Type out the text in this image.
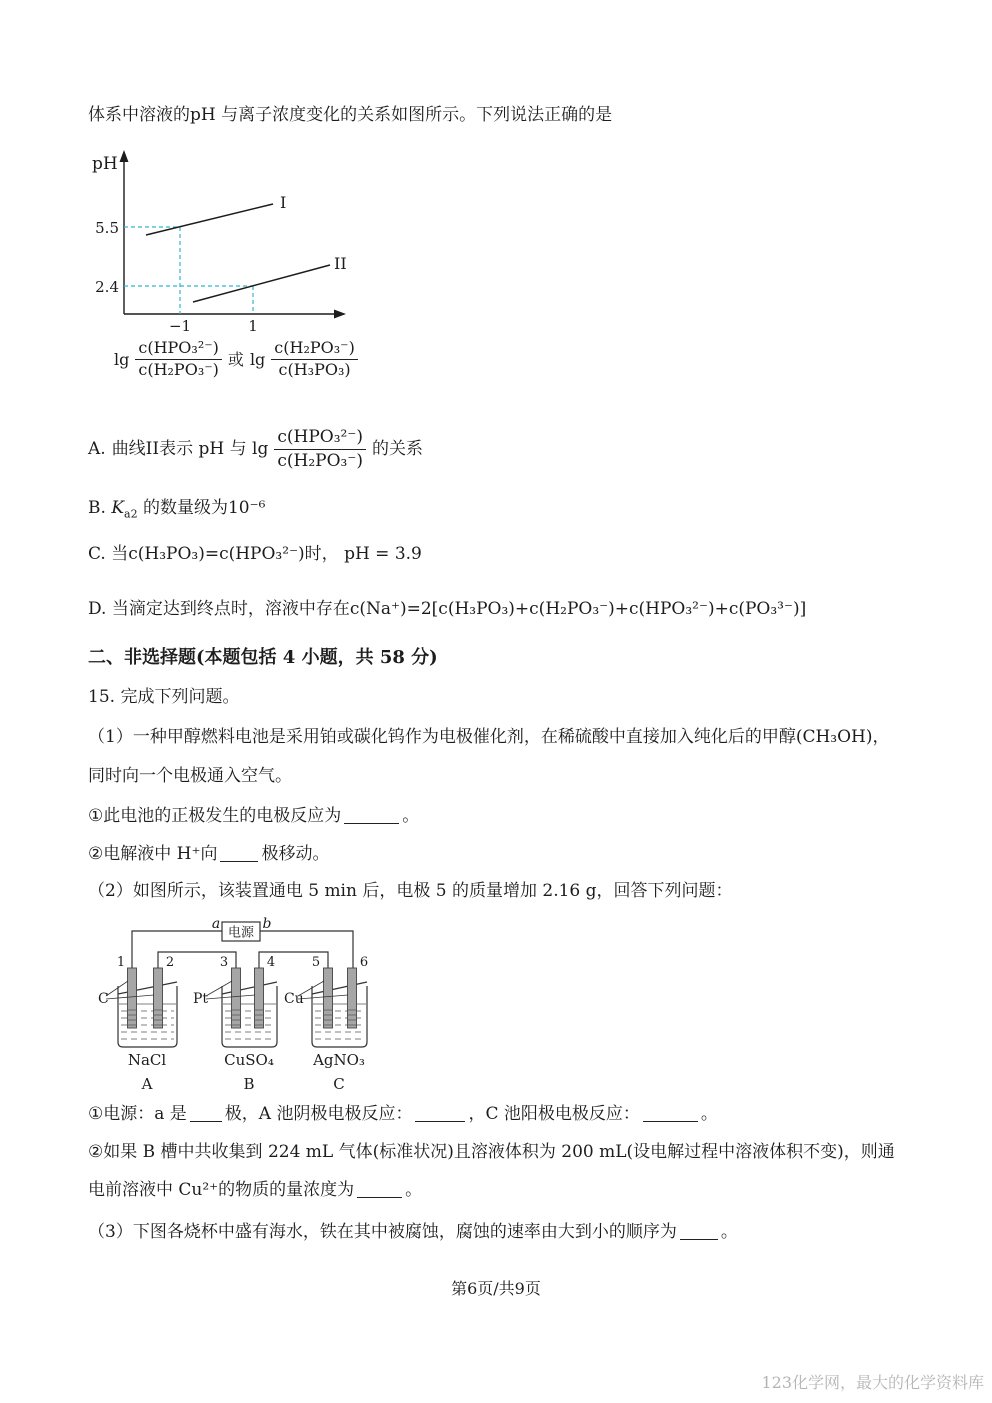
体系中溶液的pH 与离子浓度变化的关系如图所示。下列说法正确的是
pH
5.5
2.4
−1	1
I
II
$\lg \frac{\text{c(HPO₃²⁻)}}{\text{c(H₂PO₃⁻)}}$ 或 $\lg \frac{\text{c(H₂PO₃⁻)}}{\text{c(H₃PO₃)}}$
A. 曲线II表示 pH 与 $\lg \frac{\text{c(HPO₃²⁻)}}{\text{c(H₂PO₃⁻)}}$ 的关系
B. $K_{a2}$ 的数量级为10⁻⁶
C. 当c(H₃PO₃)=c(HPO₃²⁻)时， pH = 3.9
D. 当滴定达到终点时，溶液中存在c(Na⁺)=2[c(H₃PO₃)+c(H₂PO₃⁻)+c(HPO₃²⁻)+c(PO₃³⁻)]
二、非选择题(本题包括 4 小题，共 58 分)
15. 完成下列问题。
（1）一种甲醇燃料电池是采用铂或碳化钨作为电极催化剂，在稀硫酸中直接加入纯化后的甲醇(CH₃OH)，
同时向一个电极通入空气。
①此电池的正极发生的电极反应为	。
②电解液中 H⁺向	极移动。
（2）如图所示，该装置通电 5 min 后，电极 5 的质量增加 2.16 g，回答下列问题：
电源
a	b
1	2	3	4	5	6
C	Pt	Cu
NaCl	CuSO₄	AgNO₃
A	B	C
①电源：a 是 极，A 池阴极电极反应：	，C 池阳极电极反应：	。
②如果 B 槽中共收集到 224 mL 气体(标准状况)且溶液体积为 200 mL(设电解过程中溶液体积不变)，则通
电前溶液中 Cu²⁺的物质的量浓度为	。
（3）下图各烧杯中盛有海水，铁在其中被腐蚀，腐蚀的速率由大到小的顺序为	。
第6页/共9页
123化学网，最大的化学资料库
